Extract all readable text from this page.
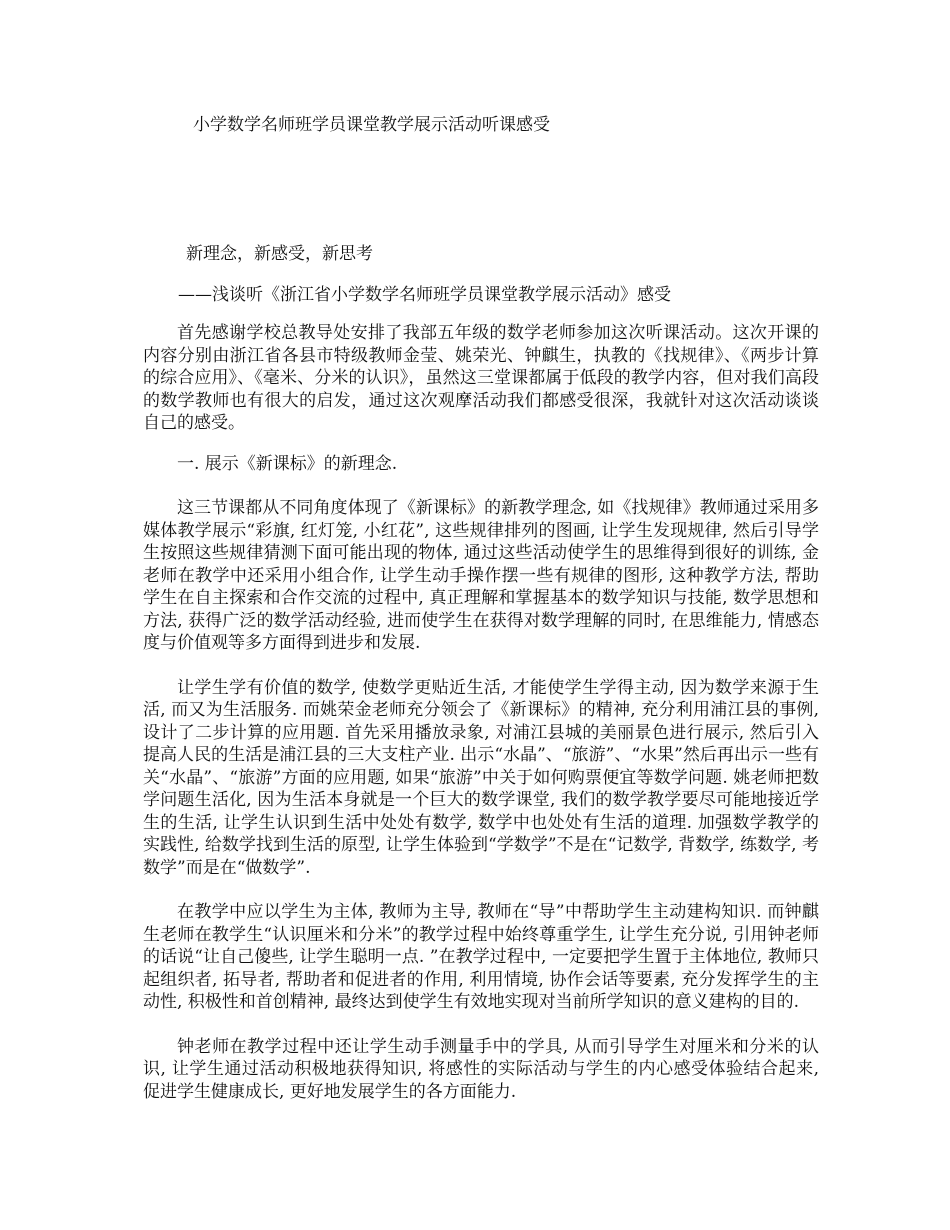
小学数学名师班学员课堂教学展示活动听课感受
新理念，新感受，新思考
——浅谈听《浙江省小学数学名师班学员课堂教学展示活动》感受

首先感谢学校总教导处安排了我部五年级的数学老师参加这次听课活动。这次开课的内容分别由浙江省各县市特级教师金莹、姚荣光、钟麒生，执教的《找规律》、《两步计算的综合应用》、《毫米、分米的认识》，虽然这三堂课都属于低段的教学内容，但对我们高段的数学教师也有很大的启发，通过这次观摩活动我们都感受很深，我就针对这次活动谈谈自己的感受。

一. 展示《新课标》的新理念.

这三节课都从不同角度体现了《新课标》的新教学理念, 如《找规律》教师通过采用多媒体教学展示“彩旗, 红灯笼, 小红花”, 这些规律排列的图画, 让学生发现规律, 然后引导学生按照这些规律猜测下面可能出现的物体, 通过这些活动使学生的思维得到很好的训练, 金老师在教学中还采用小组合作, 让学生动手操作摆一些有规律的图形, 这种教学方法, 帮助学生在自主探索和合作交流的过程中, 真正理解和掌握基本的数学知识与技能, 数学思想和方法, 获得广泛的数学活动经验, 进而使学生在获得对数学理解的同时, 在思维能力, 情感态度与价值观等多方面得到进步和发展.

让学生学有价值的数学, 使数学更贴近生活, 才能使学生学得主动, 因为数学来源于生活, 而又为生活服务. 而姚荣金老师充分领会了《新课标》的精神, 充分利用浦江县的事例, 设计了二步计算的应用题. 首先采用播放录象, 对浦江县城的美丽景色进行展示, 然后引入提高人民的生活是浦江县的三大支柱产业. 出示“水晶”、“旅游”、“水果”然后再出示一些有关“水晶”、“旅游”方面的应用题, 如果“旅游”中关于如何购票便宜等数学问题. 姚老师把数学问题生活化, 因为生活本身就是一个巨大的数学课堂, 我们的数学教学要尽可能地接近学生的生活, 让学生认识到生活中处处有数学, 数学中也处处有生活的道理. 加强数学教学的实践性, 给数学找到生活的原型, 让学生体验到“学数学”不是在“记数学, 背数学, 练数学, 考数学”而是在“做数学”.

在教学中应以学生为主体, 教师为主导, 教师在“导”中帮助学生主动建构知识. 而钟麒生老师在教学生“认识厘米和分米”的教学过程中始终尊重学生, 让学生充分说, 引用钟老师的话说“让自己傻些, 让学生聪明一点. ”在教学过程中, 一定要把学生置于主体地位, 教师只起组织者, 拓导者, 帮助者和促进者的作用, 利用情境, 协作会话等要素, 充分发挥学生的主动性, 积极性和首创精神, 最终达到使学生有效地实现对当前所学知识的意义建构的目的.

钟老师在教学过程中还让学生动手测量手中的学具, 从而引导学生对厘米和分米的认识, 让学生通过活动积极地获得知识, 将感性的实际活动与学生的内心感受体验结合起来, 促进学生健康成长, 更好地发展学生的各方面能力.
